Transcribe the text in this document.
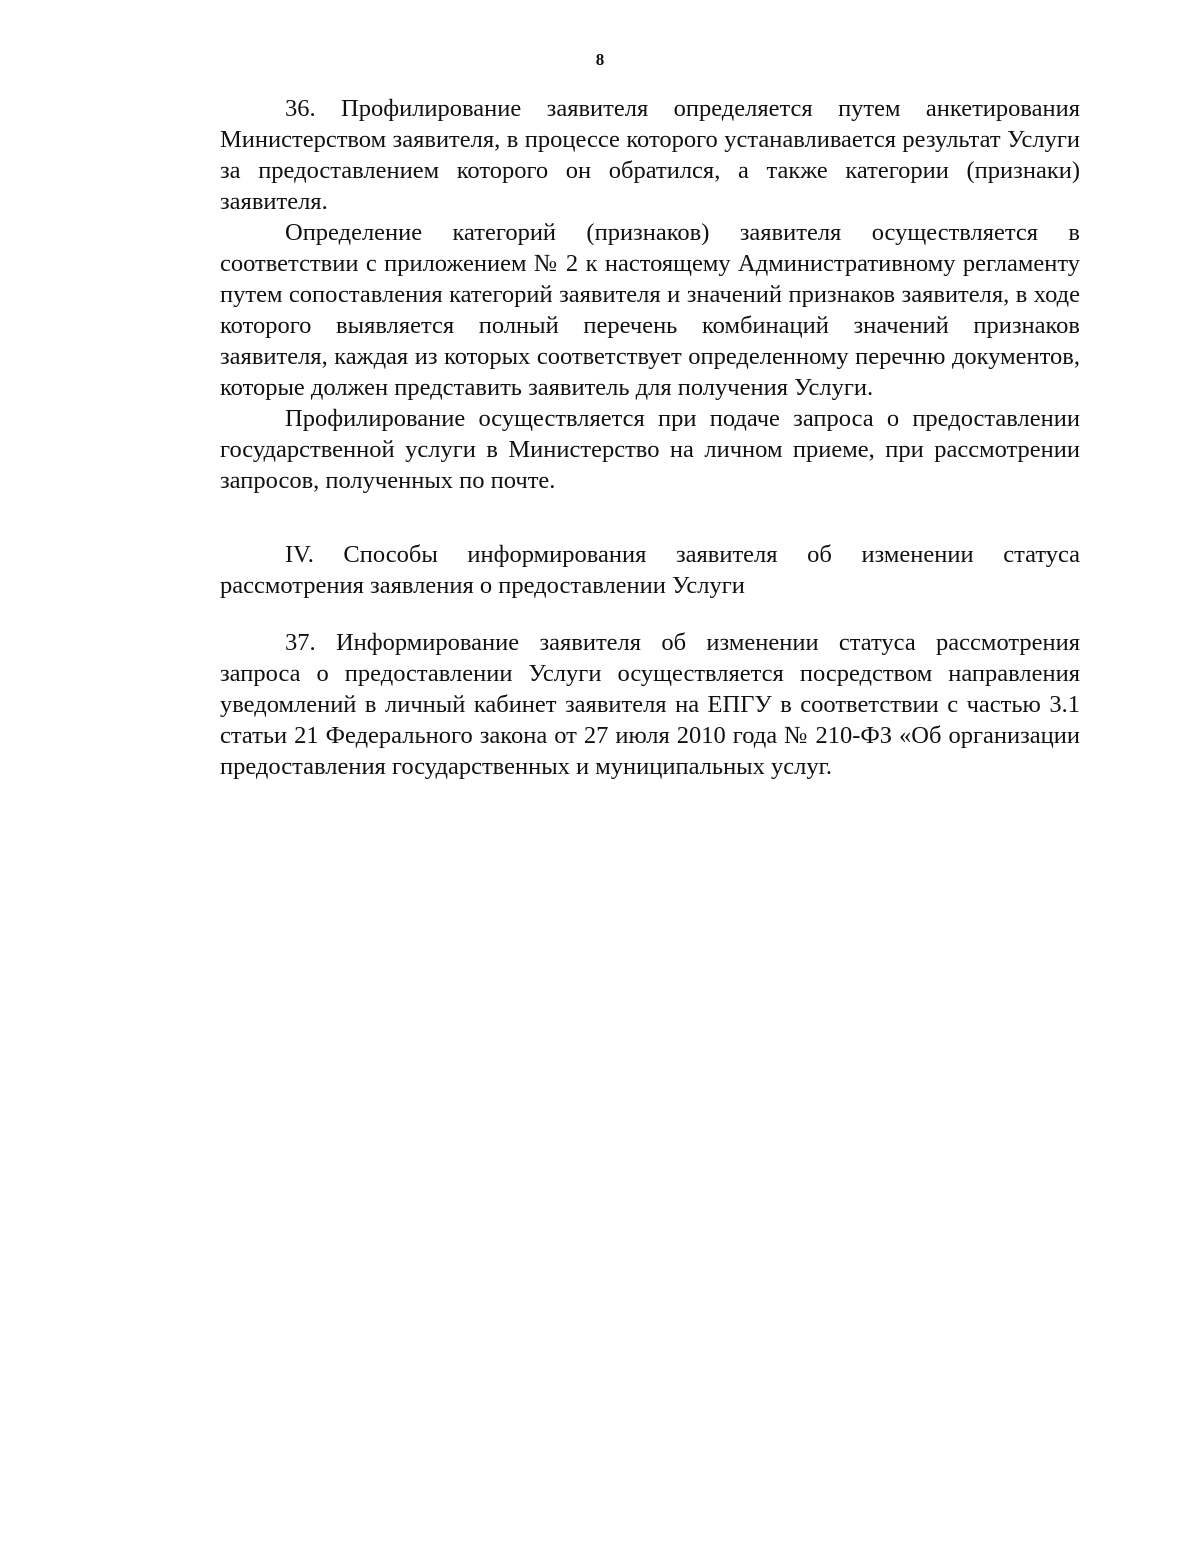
8

36. Профилирование заявителя определяется путем анкетирования Министерством заявителя, в процессе которого устанавливается результат Услуги за предоставлением которого он обратился, а также категории (признаки) заявителя.

Определение категорий (признаков) заявителя осуществляется в соответствии с приложением № 2 к настоящему Административному регламенту путем сопоставления категорий заявителя и значений признаков заявителя, в ходе которого выявляется полный перечень комбинаций значений признаков заявителя, каждая из которых соответствует определенному перечню документов, которые должен представить заявитель для получения Услуги.

Профилирование осуществляется при подаче запроса о предоставлении государственной услуги в Министерство на личном приеме, при рассмотрении запросов, полученных по почте.

IV. Способы информирования заявителя об изменении статуса рассмотрения заявления о предоставлении Услуги

37. Информирование заявителя об изменении статуса рассмотрения запроса о предоставлении Услуги осуществляется посредством направления уведомлений в личный кабинет заявителя на ЕПГУ в соответствии с частью 3.1 статьи 21 Федерального закона от 27 июля 2010 года № 210-ФЗ «Об организации предоставления государственных и муниципальных услуг.
